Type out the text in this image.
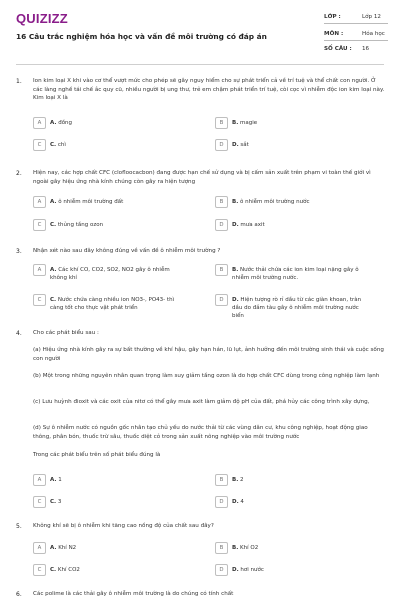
QUIZIZZ
16 Câu trắc nghiệm hóa học và vấn đề môi trường có đáp án
LỚP :	Lớp 12
MÔN :	Hóa học
SỐ CÂU : 16
1. Ion kim loại X khi vào cơ thể vượt mức cho phép sẽ gây nguy hiểm cho sự phát triển cả về trí tuệ và thể chất con người. Ở các làng nghề tái chế ắc quy cũ, nhiều người bị ung thư, trẻ em chậm phát triển trí tuệ, còi cọc vì nhiễm độc ion kim loại này. Kim loại X là
A	A. đồng	B	B. magie
C	C. chì	D	D. sắt
2. Hiện nay, các hợp chất CFC (clofloocacbon) đang được hạn chế sử dụng và bị cấm sản xuất trên phạm vi toàn thế giới vì ngoài gây hiệu ứng nhà kính chúng còn gây ra hiện tượng
A	A. ô nhiễm môi trường đất	B	B. ô nhiễm môi trường nước
C	C. thủng tầng ozon	D	D. mưa axit
3. Nhận xét nào sau đây không đúng về vấn đề ô nhiễm môi trường ?
A	A. Các khí CO, CO2, SO2, NO2 gây ô nhiễm không khí
B	B. Nước thải chứa các ion kim loại nặng gây ô nhiễm môi trường nước.
C	C. Nước chứa càng nhiều ion NO3-, PO43- thì càng tốt cho thực vật phát triển
D	D. Hiện tượng rò rỉ dầu từ các giàn khoan, tràn dầu do đắm tàu gây ô nhiễm môi trường nước biển
4. Cho các phát biểu sau :
(a) Hiệu ứng nhà kính gây ra sự bất thường về khí hậu, gây hạn hán, lũ lụt, ảnh hưởng đến môi trường sinh thái và cuộc sống con người
(b) Một trong những nguyên nhân quan trọng làm suy giảm tầng ozon là do hợp chất CFC dùng trong công nghiệp làm lạnh
(c) Lưu huỳnh đioxit và các oxit của nitơ có thể gây mưa axit làm giảm độ pH của đất, phá hủy các công trình xây dựng,
(d) Sự ô nhiễm nước có nguồn gốc nhân tạo chủ yếu do nước thải từ các vùng dân cư, khu công nghiệp, hoạt động giao thông, phân bón, thuốc trừ sâu, thuốc diệt cỏ trong sản xuất nông nghiệp vào môi trường nước
Trong các phát biểu trên số phát biểu đúng là
A	A. 1	B	B. 2
C	C. 3	D	D. 4
5. Không khí sẽ bị ô nhiễm khi tăng cao nồng độ của chất sau đây?
A	A. Khí N2	B	B. Khí O2
C	C. Khí CO2	D	D. hơi nước
6. Các polime là các thải gây ô nhiễm môi trường là do chúng có tính chất
